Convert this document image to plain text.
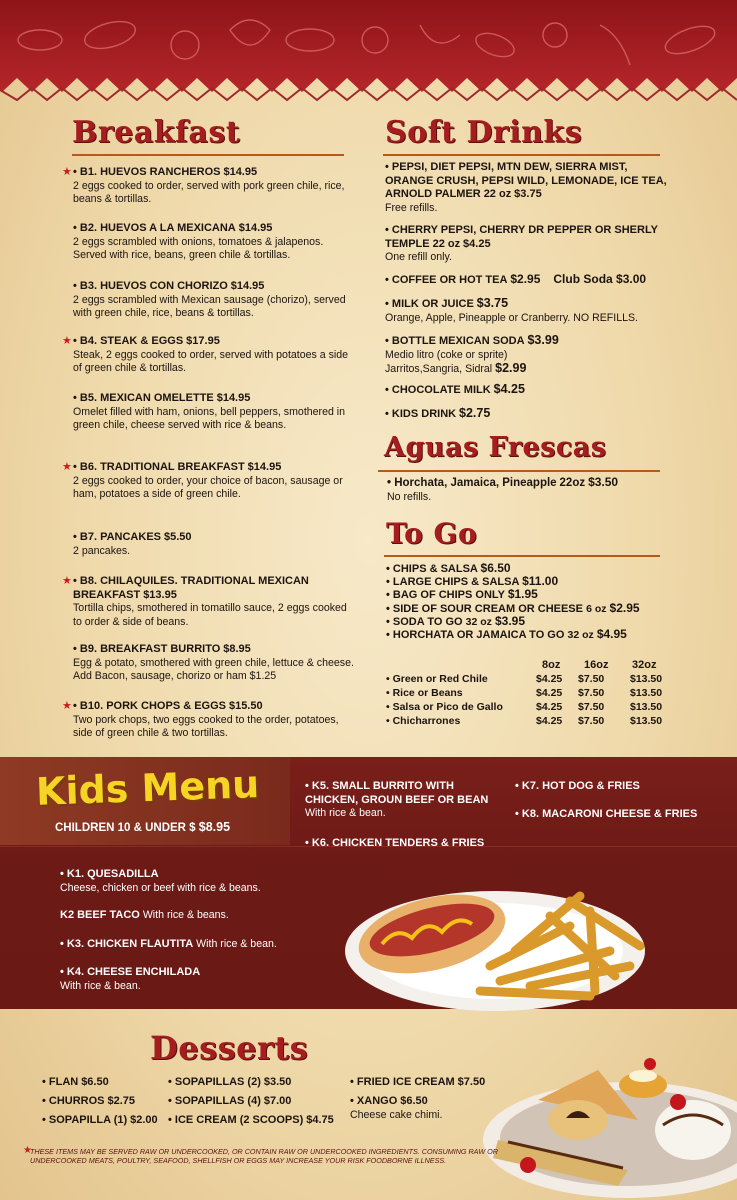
Breakfast
• B1. HUEVOS RANCHEROS $14.95
2 eggs cooked to order, served with pork green chile, rice, beans & tortillas.
★
• B2. HUEVOS A LA MEXICANA $14.95
2 eggs scrambled with onions, tomatoes & jalapenos. Served with rice, beans, green chile & tortillas.
• B3. HUEVOS CON CHORIZO $14.95
2 eggs scrambled with Mexican sausage (chorizo), served with green chile, rice, beans & tortillas.
• B4. STEAK & EGGS $17.95
Steak, 2 eggs cooked to order, served with potatoes a side of green chile & tortillas.
★
• B5. MEXICAN OMELETTE $14.95
Omelet filled with ham, onions, bell peppers, smothered in green chile, cheese served with rice & beans.
• B6. TRADITIONAL BREAKFAST $14.95
2 eggs cooked to order, your choice of bacon, sausage or ham, potatoes a side of green chile.
★
• B7. PANCAKES $5.50
2 pancakes.
• B8. CHILAQUILES. TRADITIONAL MEXICAN BREAKFAST $13.95
Tortilla chips, smothered in tomatillo sauce, 2 eggs cooked to order & side of beans.
★
• B9. BREAKFAST BURRITO $8.95
Egg & potato, smothered with green chile, lettuce & cheese. Add Bacon, sausage, chorizo or ham $1.25
• B10. PORK CHOPS & EGGS $15.50
Two pork chops, two eggs cooked to the order, potatoes, side of green chile & two tortillas.
★
Soft Drinks
• PEPSI, DIET PEPSI, MTN DEW, SIERRA MIST, ORANGE CRUSH, PEPSI WILD, LEMONADE, ICE TEA, ARNOLD PALMER 22 oz $3.75
Free refills.
• CHERRY PEPSI, CHERRY DR PEPPER OR SHERLY TEMPLE 22 oz $4.25
One refill only.
• COFFEE OR HOT TEA $2.95 Club Soda $3.00
• MILK OR JUICE $3.75
Orange, Apple, Pineapple or Cranberry. NO REFILLS.
• BOTTLE MEXICAN SODA $3.99
Medio litro (coke or sprite)
Jarritos,Sangria, Sidral $2.99
• CHOCOLATE MILK $4.25
• KIDS DRINK $2.75
Aguas Frescas
• Horchata, Jamaica, Pineapple 22oz $3.50
No refills.
To Go
• CHIPS & SALSA $6.50
• LARGE CHIPS & SALSA $11.00
• BAG OF CHIPS ONLY $1.95
• SIDE OF SOUR CREAM OR CHEESE 6 oz $2.95
• SODA TO GO 32 oz $3.95
• HORCHATA OR JAMAICA TO GO 32 oz $4.95
	8oz	16oz	32oz
• Green or Red Chile	$4.25	$7.50	$13.50
• Rice or Beans	$4.25	$7.50	$13.50
• Salsa or Pico de Gallo	$4.25	$7.50	$13.50
• Chicharrones	$4.25	$7.50	$13.50
Kids Menu
CHILDREN 10 & UNDER $ $8.95
• K1. QUESADILLA
Cheese, chicken or beef with rice & beans.
K2 BEEF TACO With rice & beans.
• K3. CHICKEN FLAUTITA With rice & bean.
• K4. CHEESE ENCHILADA
With rice & bean.
• K5. SMALL BURRITO WITH CHICKEN, GROUN BEEF OR BEAN
With rice & bean.
• K6. CHICKEN TENDERS & FRIES
• K7. HOT DOG & FRIES
• K8. MACARONI CHEESE & FRIES
Desserts
• FLAN $6.50
• CHURROS $2.75
• SOPAPILLA (1) $2.00
• SOPAPILLAS (2) $3.50
• SOPAPILLAS (4) $7.00
• ICE CREAM (2 SCOOPS) $4.75
• FRIED ICE CREAM $7.50
• XANGO $6.50
Cheese cake chimi.
★
THESE ITEMS MAY BE SERVED RAW OR UNDERCOOKED, OR CONTAIN RAW OR UNDERCOOKED INGREDIENTS. CONSUMING RAW OR UNDERCOOKED MEATS, POULTRY, SEAFOOD, SHELLFISH OR EGGS MAY INCREASE YOUR RISK FOODBORNE ILLNESS.
